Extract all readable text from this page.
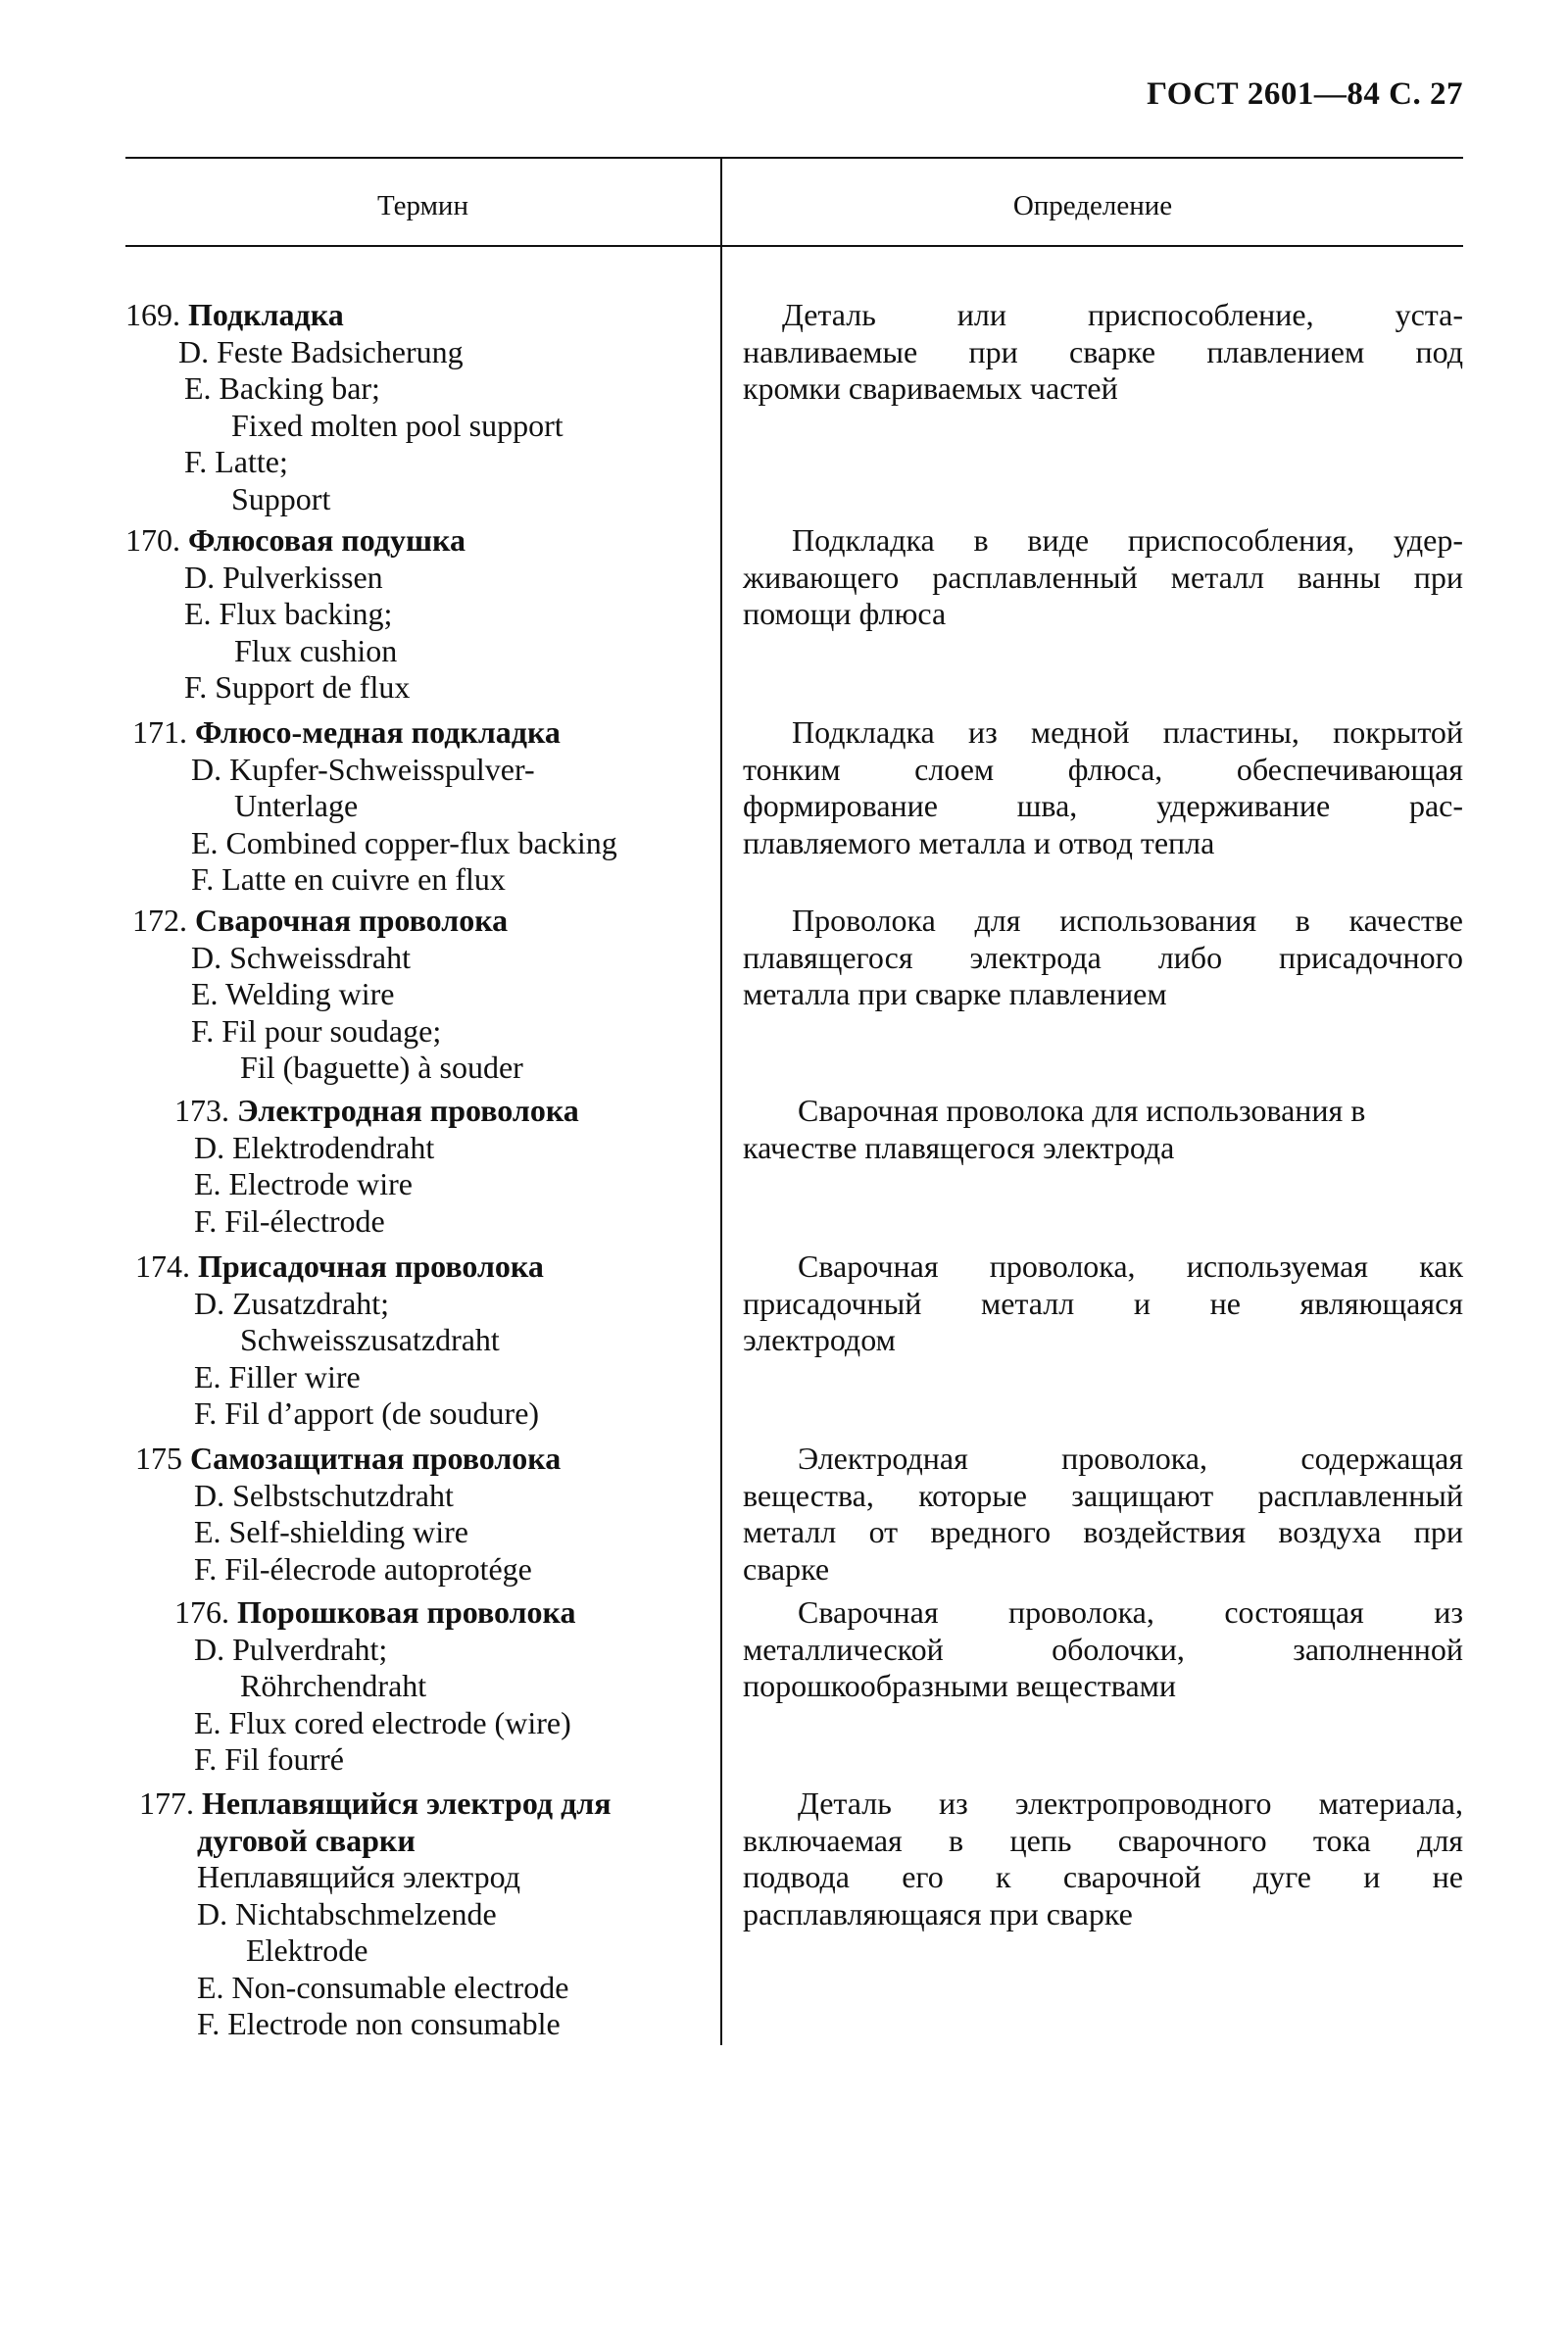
ГОСТ 2601—84 С. 27
Термин	Определение
169. Подкладка
D. Feste Badsicherung
E. Backing bar;
Fixed molten pool support
F. Latte;
Support
Деталь или приспособление, уста-
навливаемые при сварке плавлением под
кромки свариваемых частей
170. Флюсовая подушка
D. Pulverkissen
E. Flux backing;
Flux cushion
F. Support de flux
Подкладка в виде приспособления, удер-
живающего расплавленный металл ванны при
помощи флюса
171. Флюсо-медная подкладка
D. Kupfer-Schweisspulver-
Unterlage
E. Combined copper-flux backing
F. Latte en cuivre en flux
Подкладка из медной пластины, покрытой
тонким слоем флюса, обеспечивающая
формирование шва, удерживание рас-
плавляемого металла и отвод тепла
172. Сварочная проволока
D. Schweissdraht
E. Welding wire
F. Fil pour soudage;
Fil (baguette) à souder
Проволока для использования в качестве
плавящегося электрода либо присадочного
металла при сварке плавлением
173. Электродная проволока
D. Elektrodendraht
E. Electrode wire
F. Fil-électrode
Сварочная проволока для использования в
качестве плавящегося электрода
174. Присадочная проволока
D. Zusatzdraht;
Schweisszusatzdraht
E. Filler wire
F. Fil d’apport (de soudure)
Сварочная проволока, используемая как
присадочный металл и не являющаяся
электродом
175 Самозащитная проволока
D. Selbstschutzdraht
E. Self-shielding wire
F. Fil-élecrode autoprotége
Электродная проволока, содержащая
вещества, которые защищают расплавленный
металл от вредного воздействия воздуха при
сварке
176. Порошковая проволока
D. Pulverdraht;
Röhrchendraht
E. Flux cored electrode (wire)
F. Fil fourré
Сварочная проволока, состоящая из
металлической оболочки, заполненной
порошкообразными веществами
177. Неплавящийся электрод для
дуговой сварки
Неплавящийся электрод
D. Nichtabschmelzende
Elektrode
E. Non-consumable electrode
F. Electrode non consumable
Деталь из электропроводного материала,
включаемая в цепь сварочного тока для
подвода его к сварочной дуге и не
расплавляющаяся при сварке
